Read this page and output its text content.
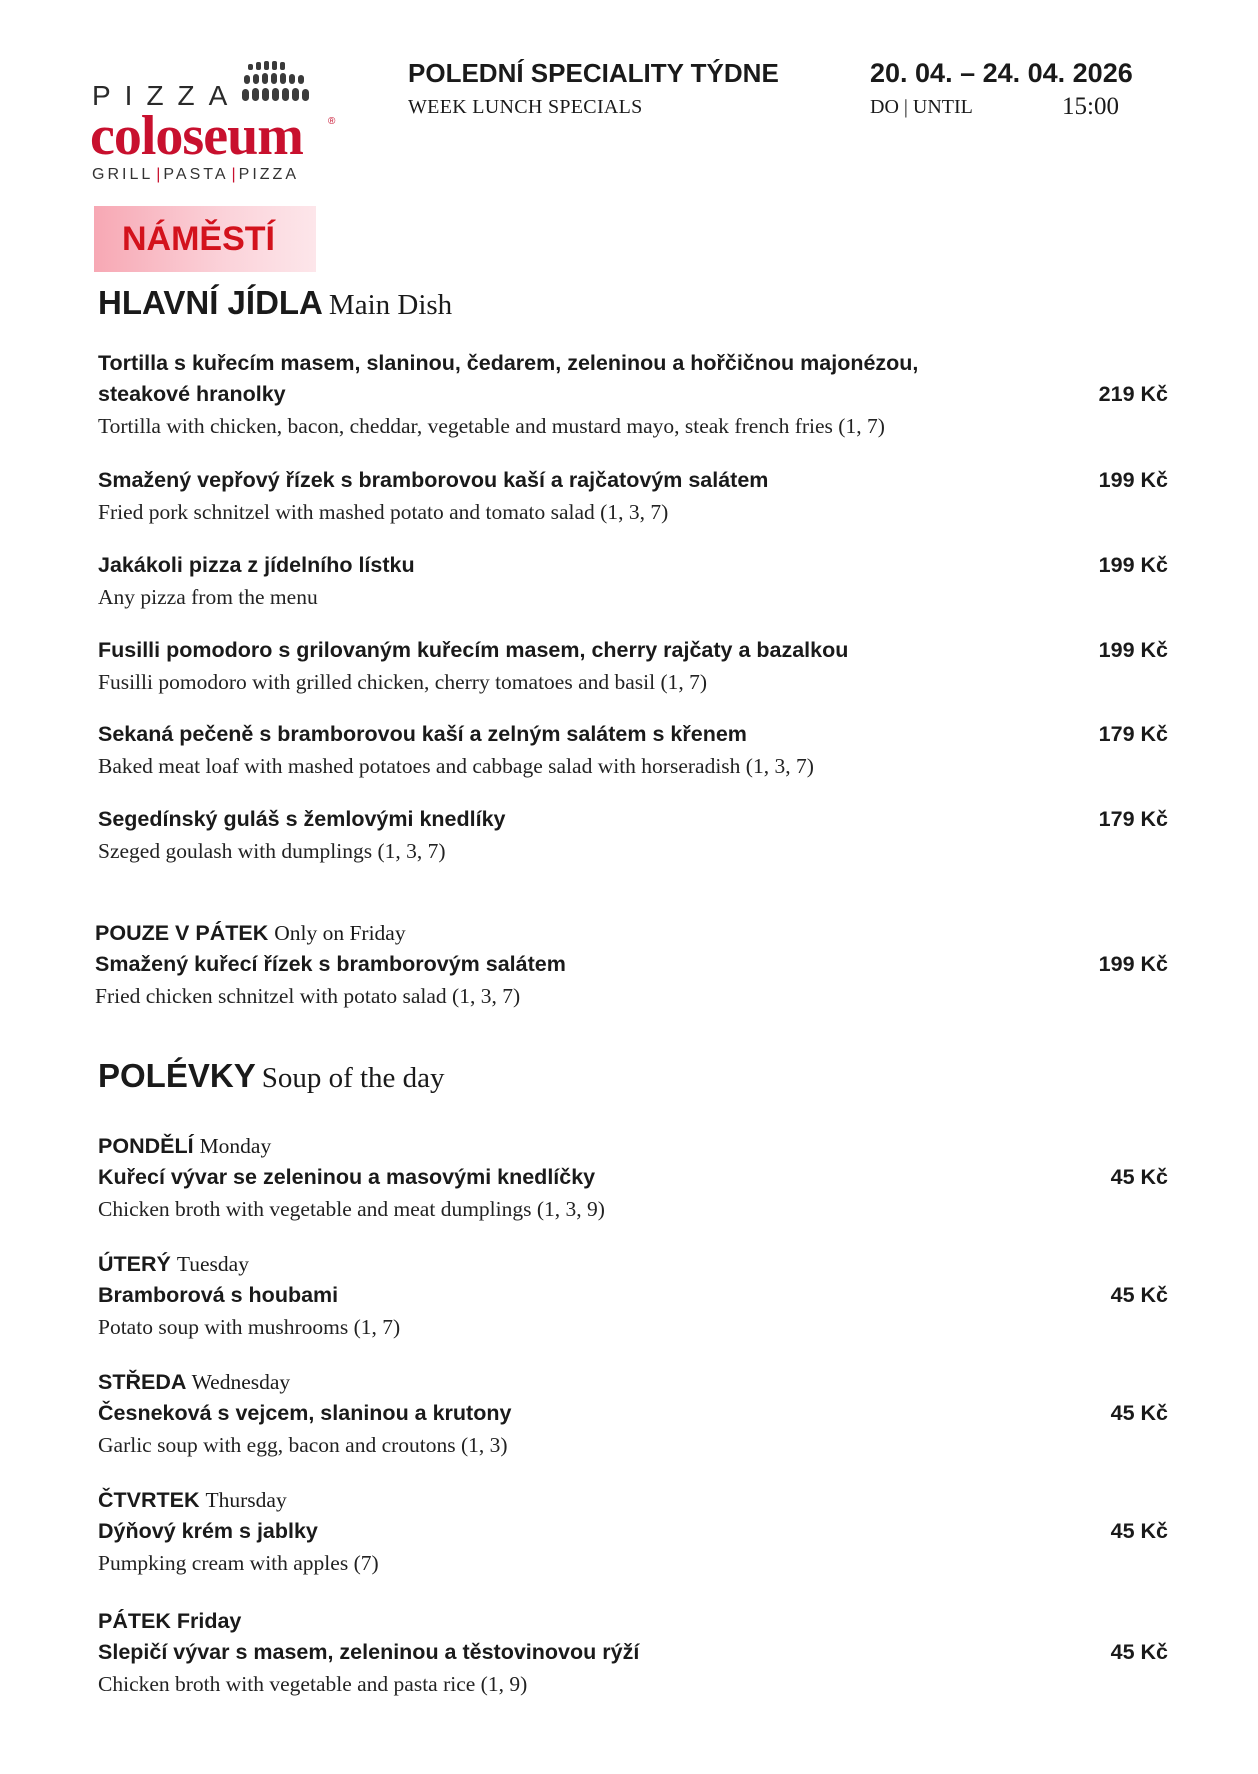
PIZZA
coloseum	®
GRILL | PASTA | PIZZA
POLEDNÍ SPECIALITY TÝDNE
WEEK LUNCH SPECIALS
20. 04. – 24. 04. 2026
DO | UNTIL	15:00
NÁMĚSTÍ
HLAVNÍ JÍDLA Main Dish
Tortilla s kuřecím masem, slaninou, čedarem, zeleninou a hořčičnou majonézou, steakové hranolky
Tortilla with chicken, bacon, cheddar, vegetable and mustard mayo, steak french fries (1, 7)
219 Kč
Smažený vepřový řízek s bramborovou kaší a rajčatovým salátem
Fried pork schnitzel with mashed potato and tomato salad (1, 3, 7)
199 Kč
Jakákoli pizza z jídelního lístku
Any pizza from the menu
199 Kč
Fusilli pomodoro s grilovaným kuřecím masem, cherry rajčaty a bazalkou
Fusilli pomodoro with grilled chicken, cherry tomatoes and basil (1, 7)
199 Kč
Sekaná pečeně s bramborovou kaší a zelným salátem s křenem
Baked meat loaf with mashed potatoes and cabbage salad with horseradish (1, 3, 7)
179 Kč
Segedínský guláš s žemlovými knedlíky
Szeged goulash with dumplings (1, 3, 7)
179 Kč
POUZE V PÁTEK Only on Friday
Smažený kuřecí řízek s bramborovým salátem
Fried chicken schnitzel with potato salad (1, 3, 7)
199 Kč
POLÉVKY Soup of the day
PONDĚLÍ Monday
Kuřecí vývar se zeleninou a masovými knedlíčky
Chicken broth with vegetable and meat dumplings (1, 3, 9)
45 Kč
ÚTERÝ Tuesday
Bramborová s houbami
Potato soup with mushrooms (1, 7)
45 Kč
STŘEDA Wednesday
Česneková s vejcem, slaninou a krutony
Garlic soup with egg, bacon and croutons (1, 3)
45 Kč
ČTVRTEK Thursday
Dýňový krém s jablky
Pumpking cream with apples (7)
45 Kč
PÁTEK Friday
Slepičí vývar s masem, zeleninou a těstovinovou rýží
Chicken broth with vegetable and pasta rice (1, 9)
45 Kč
